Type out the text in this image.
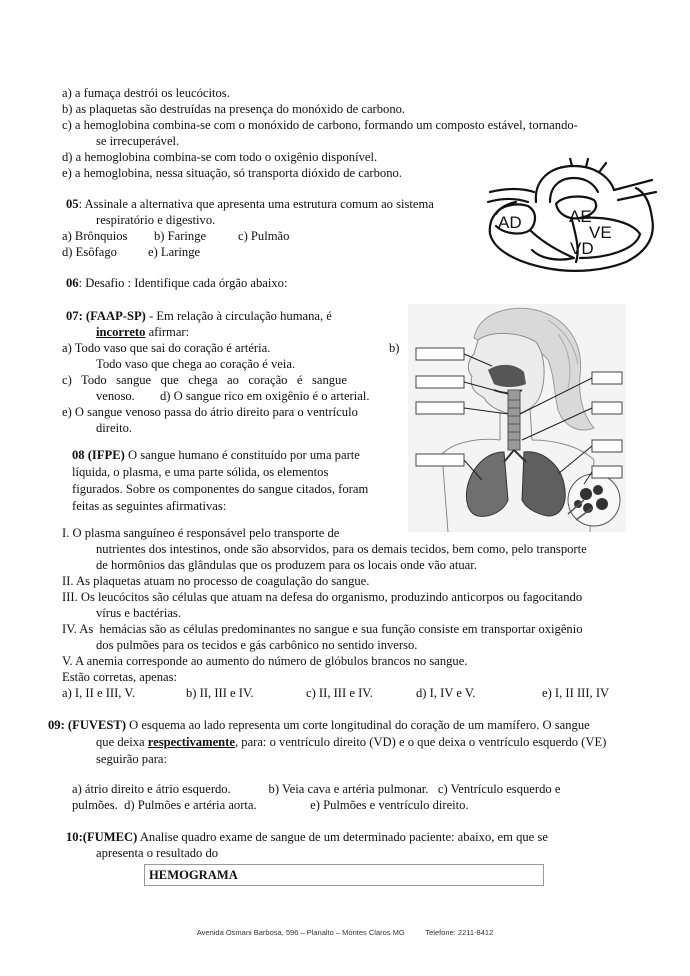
a) a fumaça destrói os leucócitos.
b) as plaquetas são destruídas na presença do monóxido de carbono.
c) a hemoglobina combina-se com o monóxido de carbono, formando um composto estável, tornando-
se irrecuperável.
d) a hemoglobina combina-se com todo o oxigênio disponível.
e) a hemoglobina, nessa situação, só transporta dióxido de carbono.
05: Assinale a alternativa que apresenta uma estrutura comum ao sistema
respiratório e digestivo.
a) Brônquios b) Faringe	c) Pulmão
d) Esôfago e) Laringe
AE
AD
VE
VD
06: Desafio : Identifique cada órgão abaixo:
07: (FAAP-SP) - Em relação à circulação humana, é
incorreto afirmar:
a) Todo vaso que sai do coração é artéria.	b)
Todo vaso que chega ao coração é veia.
c)   Todo   sangue   que   chega   ao   coração   é   sangue
venoso.        d) O sangue rico em oxigênio é o arterial.
e) O sangue venoso passa do átrio direito para o ventrículo
direito.
08 (IFPE) O sangue humano é constituído por uma parte
líquida, o plasma, e uma parte sólida, os elementos
figurados. Sobre os componentes do sangue citados, foram
feitas as seguintes afirmativas:
I. O plasma sanguíneo é responsável pelo transporte de
nutrientes dos intestinos, onde são absorvidos, para os demais tecidos, bem como, pelo transporte
de hormônios das glândulas que os produzem para os locais onde vão atuar.
II. As plaquetas atuam no processo de coagulação do sangue.
III. Os leucócitos são células que atuam na defesa do organismo, produzindo anticorpos ou fagocitando
vírus e bactérias.
IV. As  hemácias são as células predominantes no sangue e sua função consiste em transportar oxigênio
dos pulmões para os tecidos e gás carbônico no sentido inverso.
V. A anemia corresponde ao aumento do número de glóbulos brancos no sangue.
Estão corretas, apenas:
a) I, II e III, V.	b) II, III e IV.	c) II, III e IV.	d) I, IV e V.	e) I, II III, IV
09: (FUVEST) O esquema ao lado representa um corte longitudinal do coração de um mamífero. O sangue
que deixa respectivamente, para: o ventrículo direito (VD) e o que deixa o ventrículo esquerdo (VE)
seguirão para:
a) átrio direito e átrio esquerdo.            b) Veia cava e artéria pulmonar.   c) Ventrículo esquerdo e
pulmões.  d) Pulmões e artéria aorta.                 e) Pulmões e ventrículo direito.
10:(FUMEC) Analise quadro exame de sangue de um determinado paciente: abaixo, em que se
apresenta o resultado do
HEMOGRAMA
Avenida Osmani Barbosa, 596 – Planalto – Montes Claros MG          Telefone: 2211-8412
